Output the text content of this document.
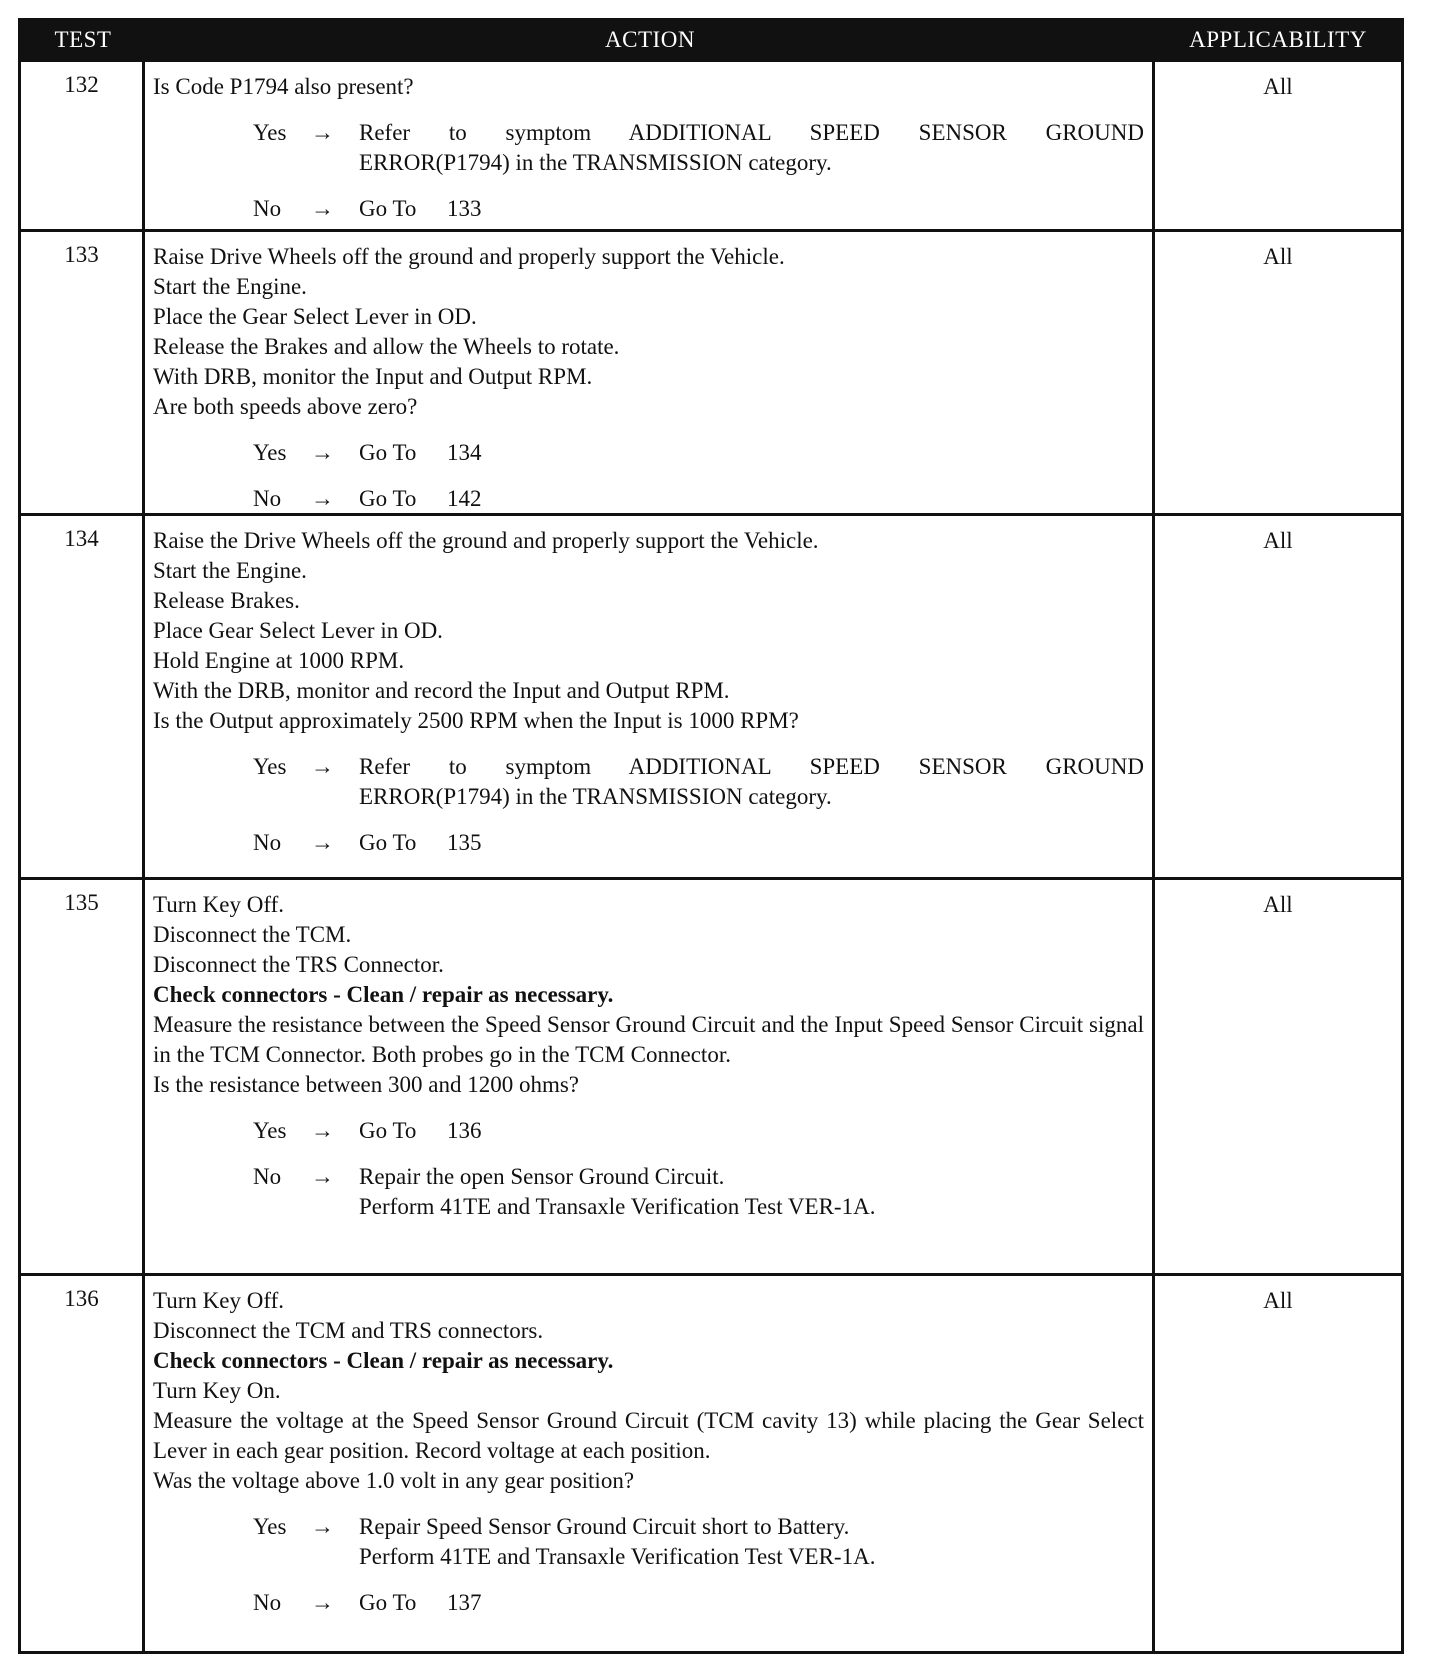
TEST	ACTION	APPLICABILITY
132	Is Code P1794 also present?
Yes	→	Refer to symptom ADDITIONAL SPEED SENSOR GROUND
ERROR(P1794) in the TRANSMISSION category.
No	→	Go To 133
All
133	Raise Drive Wheels off the ground and properly support the Vehicle.
Start the Engine.
Place the Gear Select Lever in OD.
Release the Brakes and allow the Wheels to rotate.
With DRB, monitor the Input and Output RPM.
Are both speeds above zero?
Yes	→	Go To 134
No	→	Go To 142
All
134	Raise the Drive Wheels off the ground and properly support the Vehicle.
Start the Engine.
Release Brakes.
Place Gear Select Lever in OD.
Hold Engine at 1000 RPM.
With the DRB, monitor and record the Input and Output RPM.
Is the Output approximately 2500 RPM when the Input is 1000 RPM?
Yes	→	Refer to symptom ADDITIONAL SPEED SENSOR GROUND
ERROR(P1794) in the TRANSMISSION category.
No	→	Go To 135
All
135	Turn Key Off.
Disconnect the TCM.
Disconnect the TRS Connector.
Check connectors - Clean / repair as necessary.
Measure the resistance between the Speed Sensor Ground Circuit and the Input Speed Sensor Circuit signal in the TCM Connector. Both probes go in the TCM Connector.
Is the resistance between 300 and 1200 ohms?
Yes	→	Go To 136
No	→	Repair the open Sensor Ground Circuit.
Perform 41TE and Transaxle Verification Test VER-1A.
All
136	Turn Key Off.
Disconnect the TCM and TRS connectors.
Check connectors - Clean / repair as necessary.
Turn Key On.
Measure the voltage at the Speed Sensor Ground Circuit (TCM cavity 13) while placing the Gear Select Lever in each gear position. Record voltage at each position.
Was the voltage above 1.0 volt in any gear position?
Yes	→	Repair Speed Sensor Ground Circuit short to Battery.
Perform 41TE and Transaxle Verification Test VER-1A.
No	→	Go To 137
All
